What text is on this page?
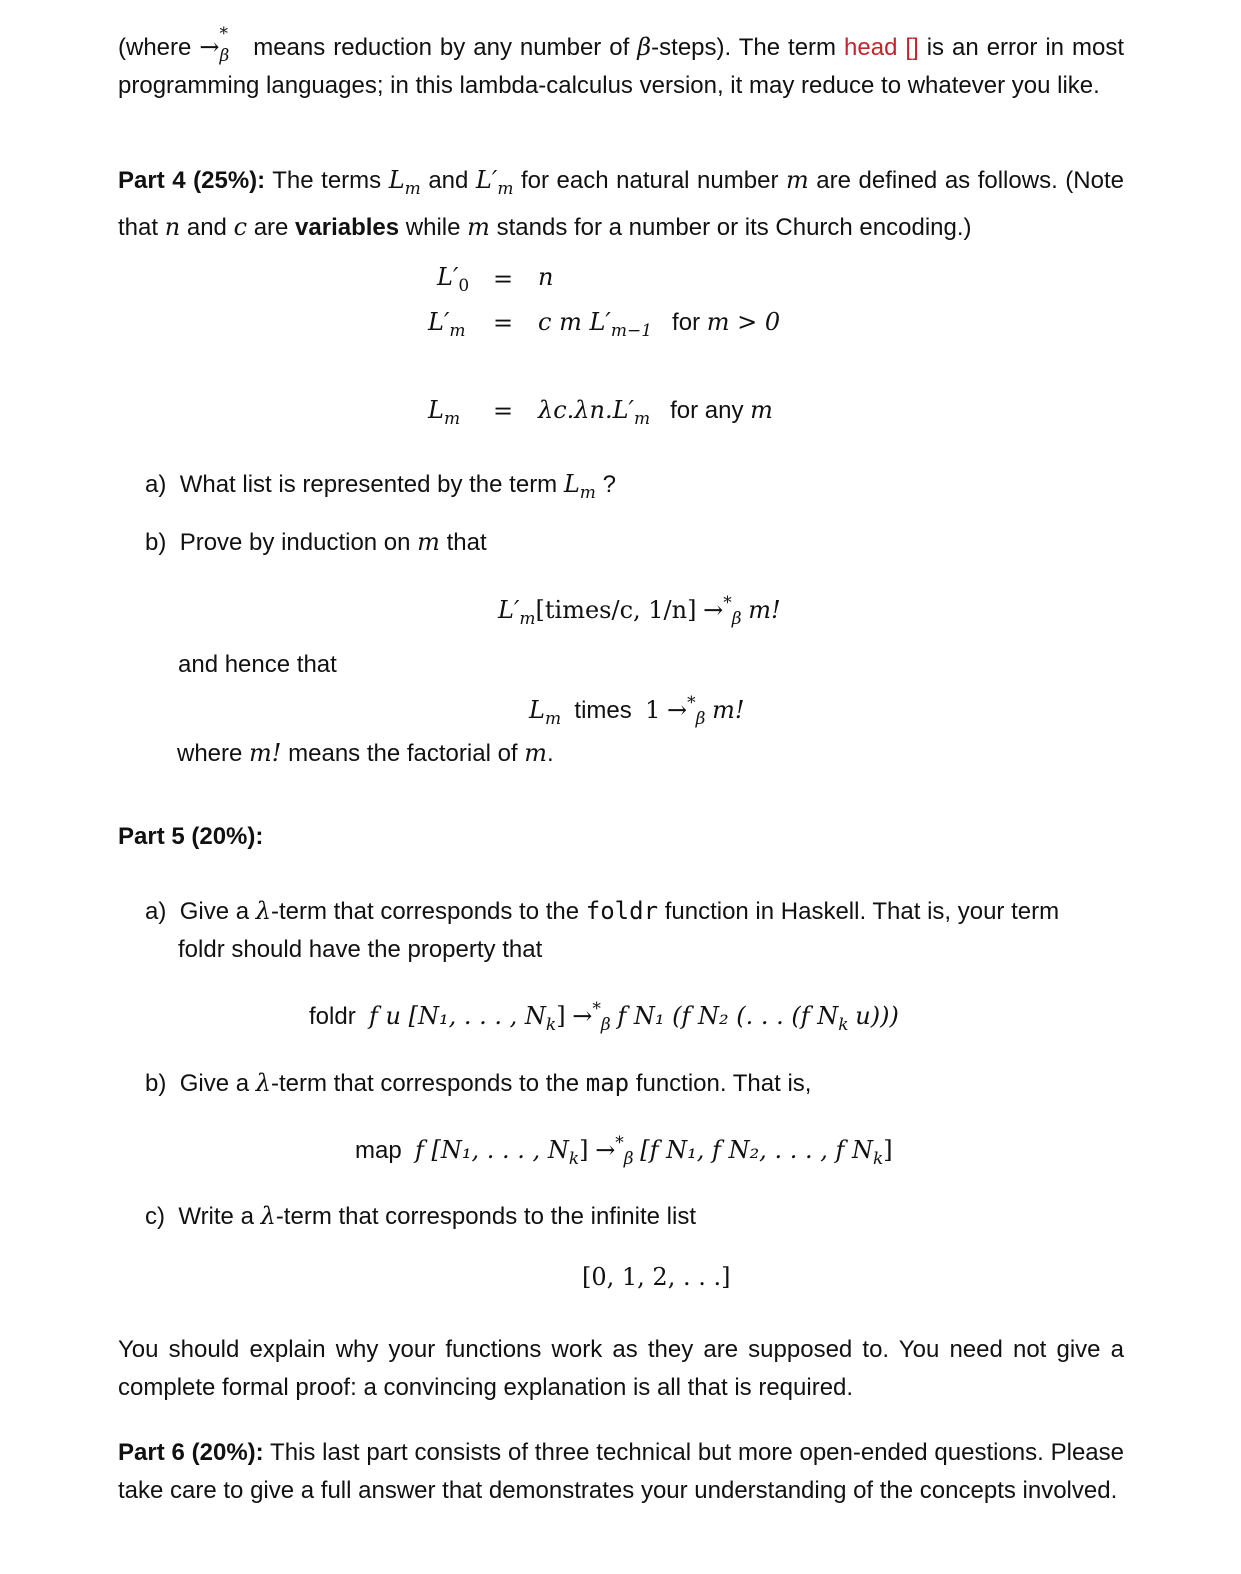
(where → *
β means reduction by any number of β-steps). The term head [] is an error in most programming languages; in this lambda-calculus version, it may reduce to whatever you like.
Part 4 (25%): The terms $L_m$ and $L'_m$ for each natural number m are defined as follows. (Note that n and c are variables while m stands for a number or its Church encoding.)
$L'_0 = n$
$L'_m = c$ m $L'_{m-1}$ for m > 0
$L_m = \lambda c.\lambda n.L'_m$ for any m
a) What list is represented by the term $L_m$ ?
b) Prove by induction on m that
$L'_m[times/c$, $1/n] \to^*_\beta$ m!
and hence that
$L_m$ times $1 \to^*_\beta$ m!
where m! means the factorial of m.
Part 5 (20%):
a) Give a λ-term that corresponds to the foldr function in Haskell. That is, your term
foldr should have the property that
foldr f u [N₁, . . . , $N_k] \to^*_\beta$ f N₁ (f N₂ (. . . (f $N_k$ u)))
b) Give a λ-term that corresponds to the map function. That is,
map f [N₁, . . . , $N_k] \to^*_\beta$ [f N₁, f N₂, . . . , f $N_k$]
c) Write a λ-term that corresponds to the infinite list
[0, 1, 2, . . .]
You should explain why your functions work as they are supposed to. You need not give a complete formal proof: a convincing explanation is all that is required.
Part 6 (20%): This last part consists of three technical but more open-ended questions. Please take care to give a full answer that demonstrates your understanding of the concepts involved.
